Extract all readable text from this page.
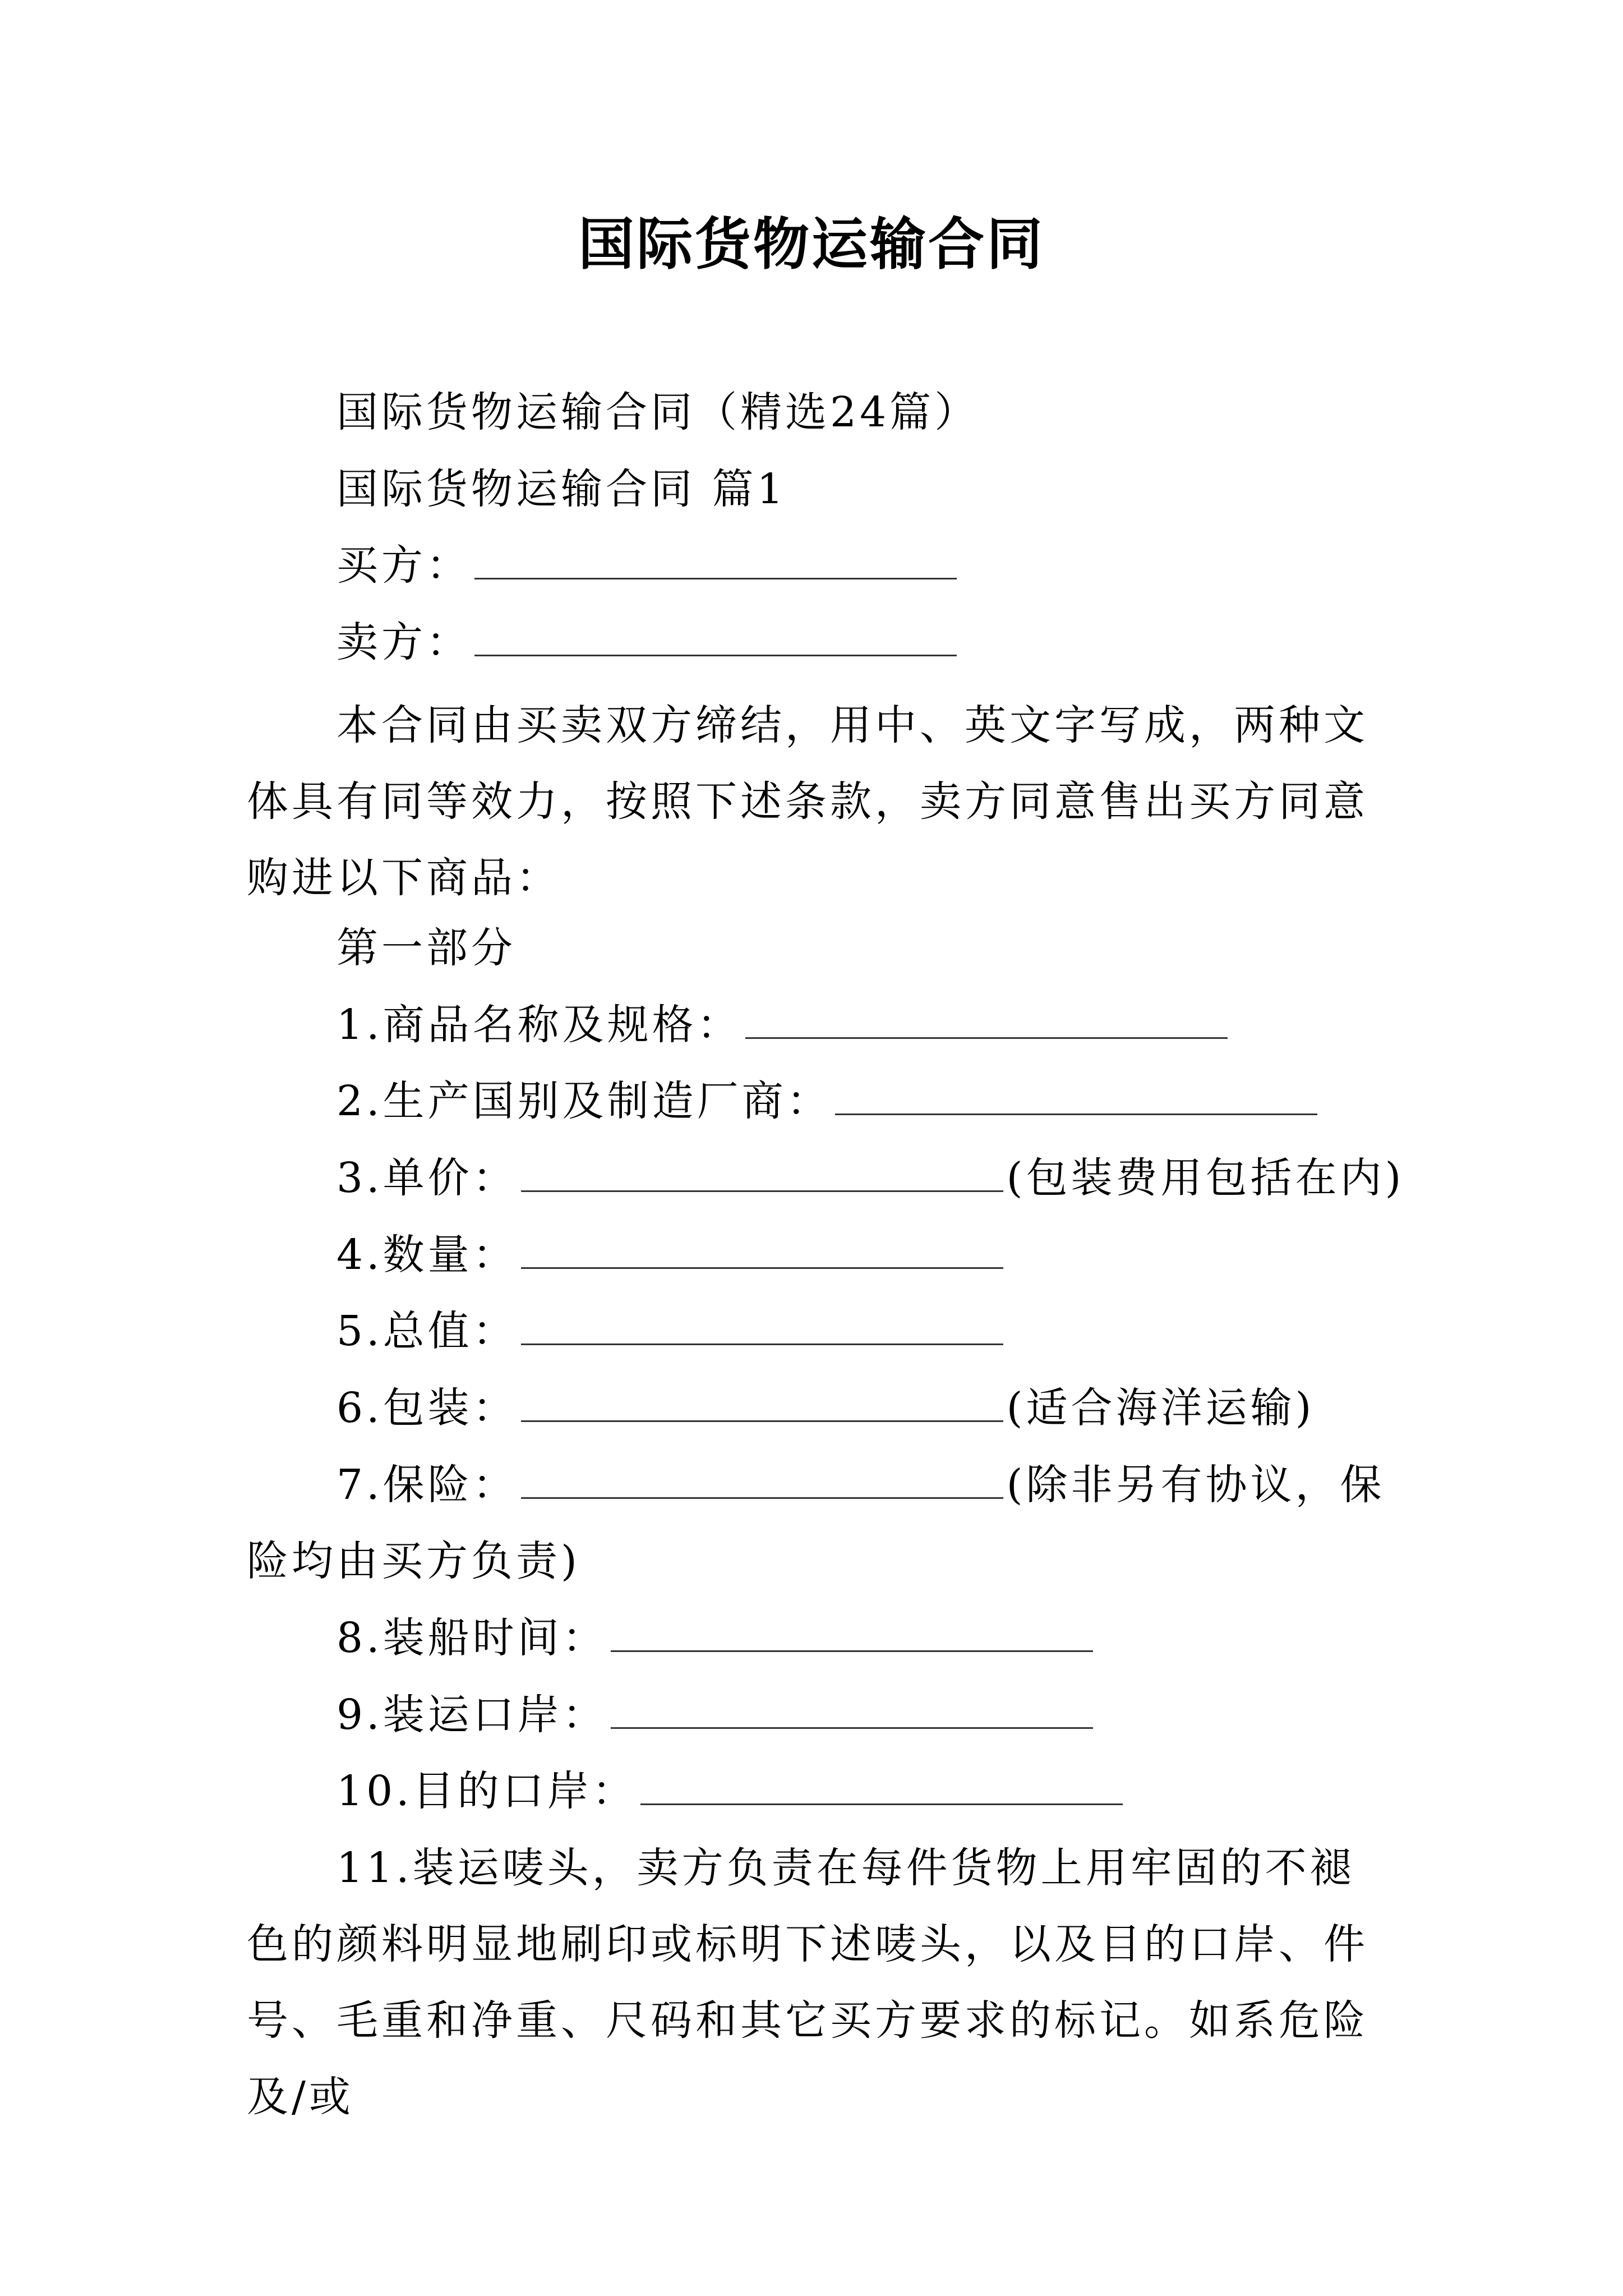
国际货物运输合同
国际货物运输合同（精选24篇）
国际货物运输合同 篇1
买方：
卖方：
本合同由买卖双方缔结，用中、英文字写成，两种文体具有同等效力，按照下述条款，卖方同意售出买方同意购进以下商品：
第一部分
1.商品名称及规格：
2.生产国别及制造厂商：
3.单价：	(包装费用包括在内)
4.数量：
5.总值：
6.包装：	(适合海洋运输)
7.保险：	(除非另有协议，保
险均由买方负责)
8.装船时间：
9.装运口岸：
10.目的口岸：
11.装运唛头，卖方负责在每件货物上用牢固的不褪色的颜料明显地刷印或标明下述唛头，以及目的口岸、件号、毛重和净重、尺码和其它买方要求的标记。如系危险及/或
